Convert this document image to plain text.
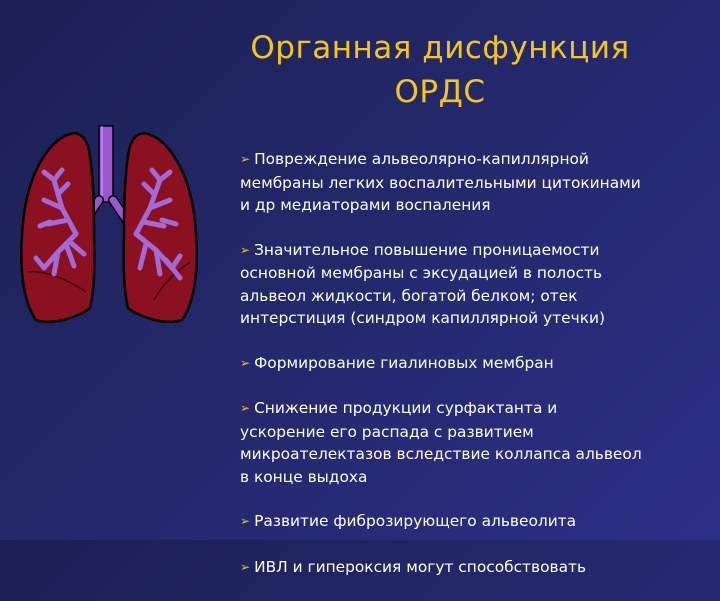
Органная дисфункция
ОРДС
➢ Повреждение альвеолярно-капиллярной
мембраны легких воспалительными цитокинами
и др медиаторами воспаления
➢ Значительное повышение проницаемости
основной мембраны с эксудацией в полость
альвеол жидкости, богатой белком; отек
интерстиция (синдром капиллярной утечки)
➢ Формирование гиалиновых мембран
➢ Снижение продукции сурфактанта и
ускорение его распада с развитием
микроателектазов вследствие коллапса альвеол
в конце выдоха
➢ Развитие фиброзирующего альвеолита
➢ ИВЛ и гипероксия могут способствовать
